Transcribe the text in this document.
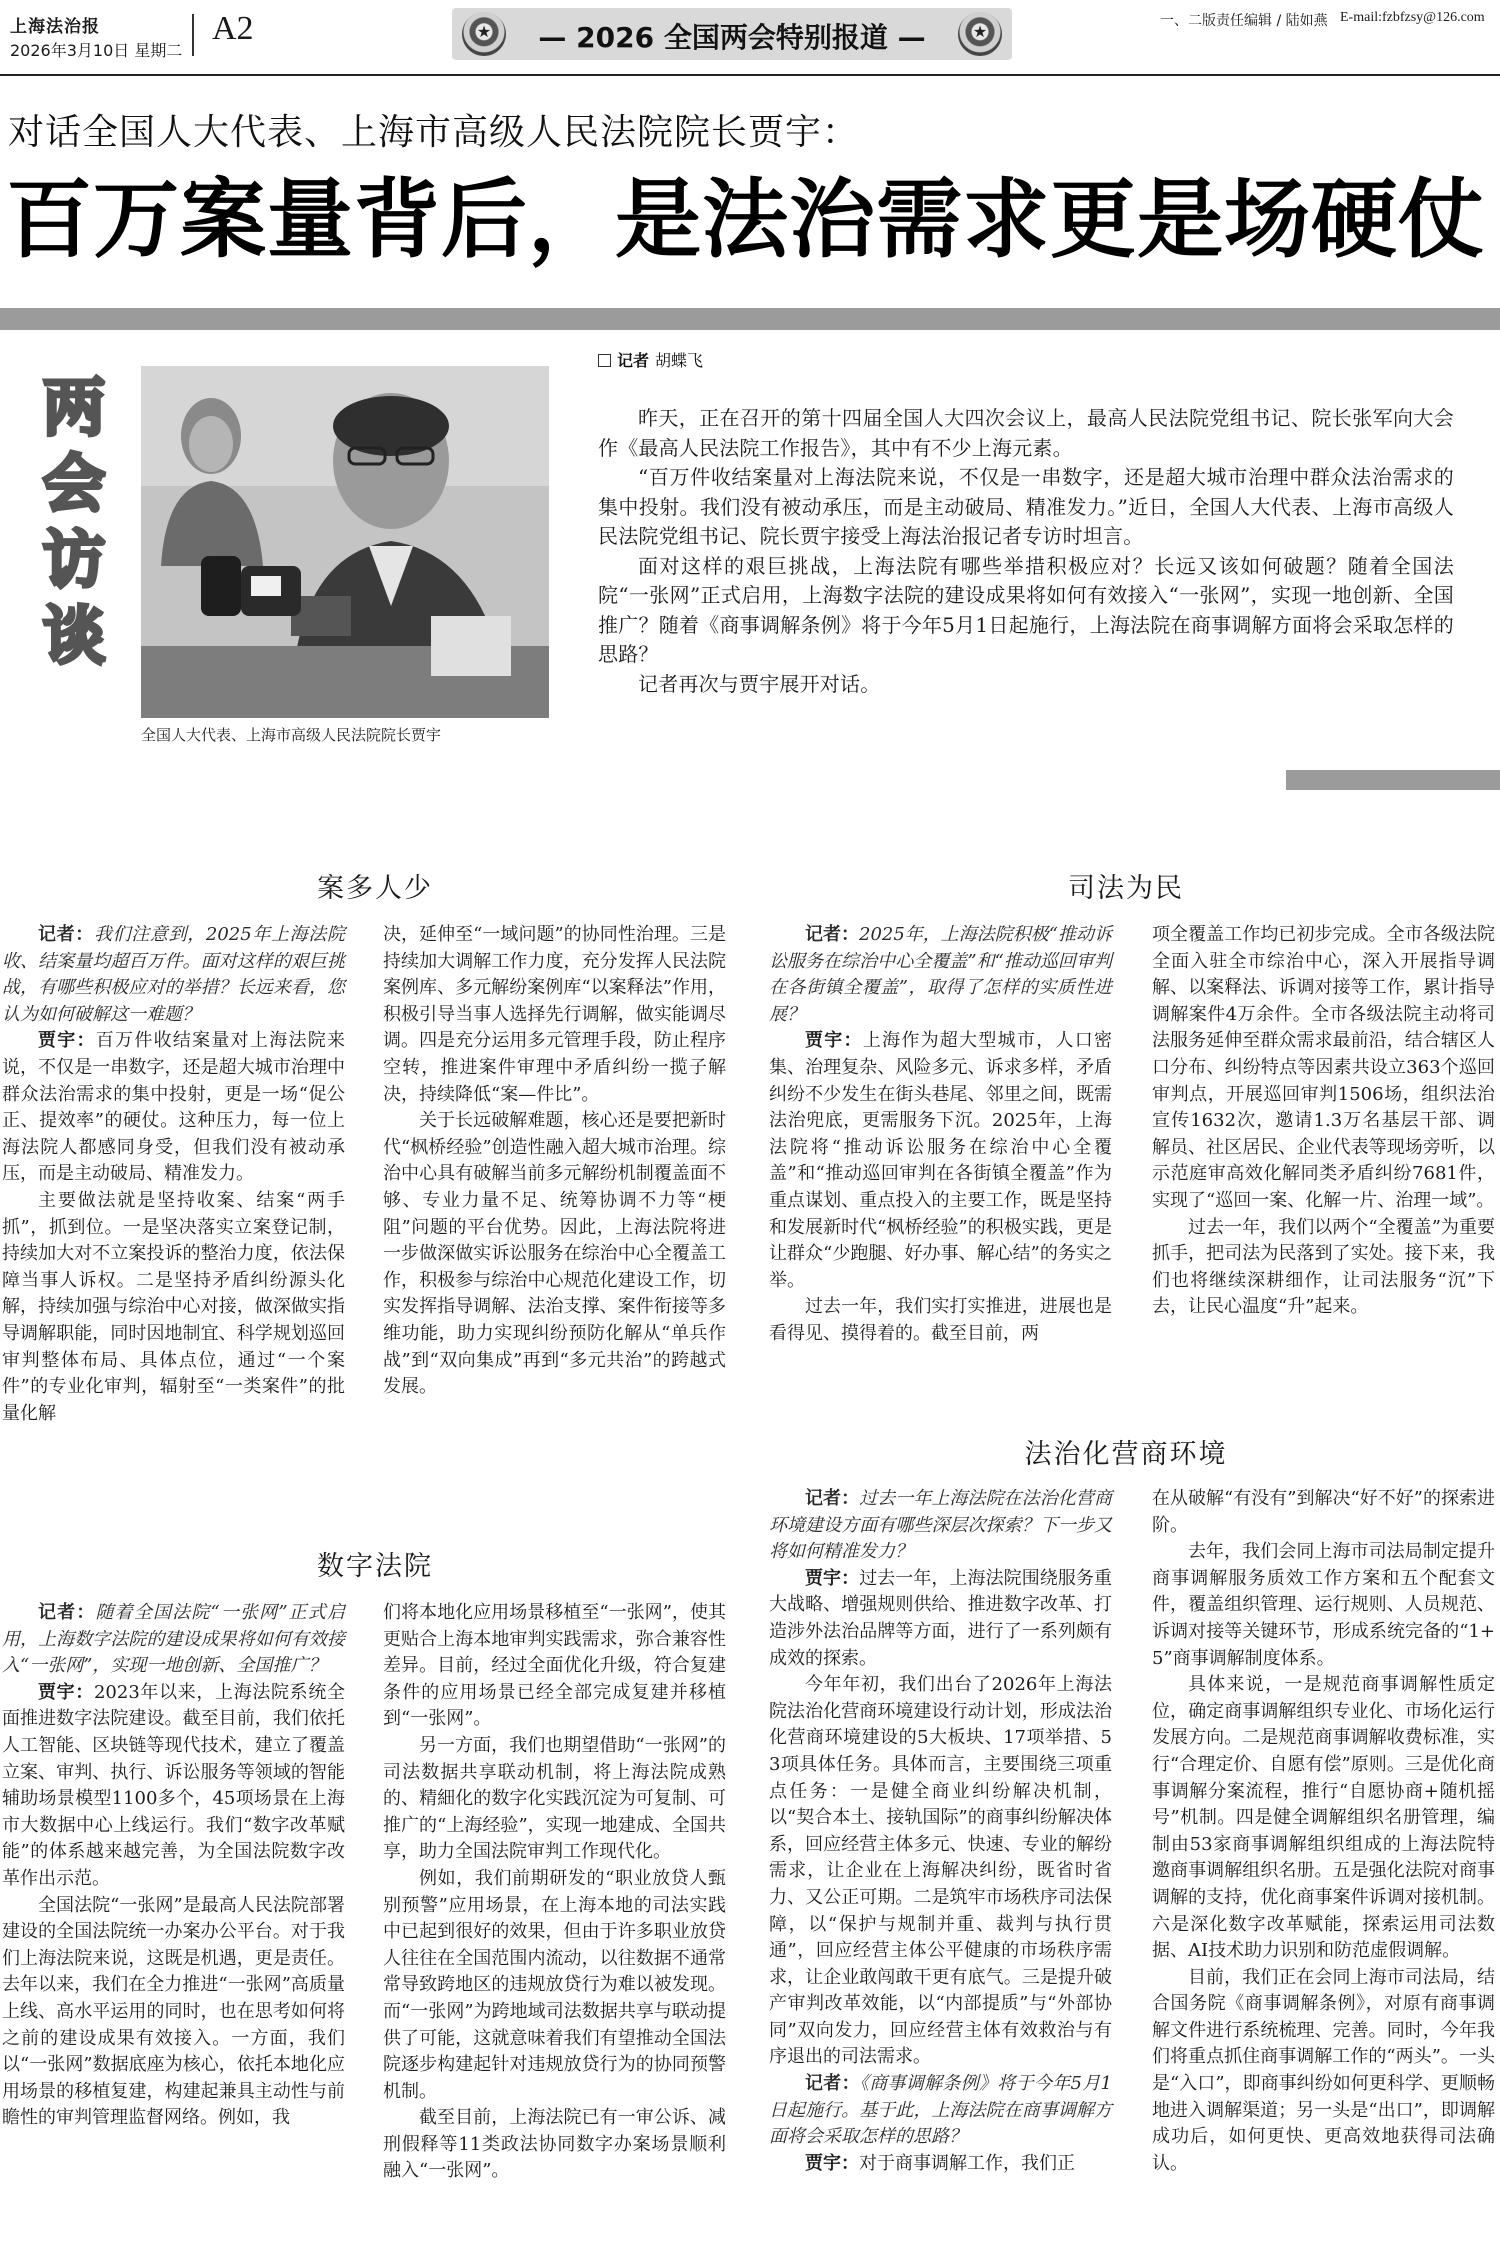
上海法治报
2026年3月10日 星期二
A2 ★	— 2026 全国两会特别报道 — ★	一、二版责任编辑 / 陆如燕 E-mail:fzbfzsy@126.com
对话全国人大代表、上海市高级人民法院院长贾宇：
百万案量背后，是法治需求更是场硬仗
两
会
访
谈
全国人大代表、上海市高级人民法院院长贾宇
记者 胡蝶飞

昨天，正在召开的第十四届全国人大四次会议上，最高人民法院党组书记、院长张军向大会作《最高人民法院工作报告》，其中有不少上海元素。

“百万件收结案量对上海法院来说，不仅是一串数字，还是超大城市治理中群众法治需求的集中投射。我们没有被动承压，而是主动破局、精准发力。”近日，全国人大代表、上海市高级人民法院党组书记、院长贾宇接受上海法治报记者专访时坦言。

面对这样的艰巨挑战，上海法院有哪些举措积极应对？长远又该如何破题？随着全国法院“一张网”正式启用，上海数字法院的建设成果将如何有效接入“一张网”，实现一地创新、全国推广？随着《商事调解条例》将于今年5月1日起施行，上海法院在商事调解方面将会采取怎样的思路？

记者再次与贾宇展开对话。

案多人少

记者：我们注意到，2025年上海法院收、结案量均超百万件。面对这样的艰巨挑战，有哪些积极应对的举措？长远来看，您认为如何破解这一难题？

贾宇：百万件收结案量对上海法院来说，不仅是一串数字，还是超大城市治理中群众法治需求的集中投射，更是一场“促公正、提效率”的硬仗。这种压力，每一位上海法院人都感同身受，但我们没有被动承压，而是主动破局、精准发力。

主要做法就是坚持收案、结案“两手抓”，抓到位。一是坚决落实立案登记制，持续加大对不立案投诉的整治力度，依法保障当事人诉权。二是坚持矛盾纠纷源头化解，持续加强与综治中心对接，做深做实指导调解职能，同时因地制宜、科学规划巡回审判整体布局、具体点位，通过“一个案件”的专业化审判，辐射至“一类案件”的批量化解

决，延伸至“一域问题”的协同性治理。三是持续加大调解工作力度，充分发挥人民法院案例库、多元解纷案例库“以案释法”作用，积极引导当事人选择先行调解，做实能调尽调。四是充分运用多元管理手段，防止程序空转，推进案件审理中矛盾纠纷一揽子解决，持续降低“案—件比”。

关于长远破解难题，核心还是要把新时代“枫桥经验”创造性融入超大城市治理。综治中心具有破解当前多元解纷机制覆盖面不够、专业力量不足、统筹协调不力等“梗阻”问题的平台优势。因此，上海法院将进一步做深做实诉讼服务在综治中心全覆盖工作，积极参与综治中心规范化建设工作，切实发挥指导调解、法治支撑、案件衔接等多维功能，助力实现纠纷预防化解从“单兵作战”到“双向集成”再到“多元共治”的跨越式发展。

数字法院

记者：随着全国法院“一张网”正式启用，上海数字法院的建设成果将如何有效接入“一张网”，实现一地创新、全国推广？

贾宇：2023年以来，上海法院系统全面推进数字法院建设。截至目前，我们依托人工智能、区块链等现代技术，建立了覆盖立案、审判、执行、诉讼服务等领域的智能辅助场景模型1100多个，45项场景在上海市大数据中心上线运行。我们“数字改革赋能”的体系越来越完善，为全国法院数字改革作出示范。

全国法院“一张网”是最高人民法院部署建设的全国法院统一办案办公平台。对于我们上海法院来说，这既是机遇，更是责任。去年以来，我们在全力推进“一张网”高质量上线、高水平运用的同时，也在思考如何将之前的建设成果有效接入。一方面，我们以“一张网”数据底座为核心，依托本地化应用场景的移植复建，构建起兼具主动性与前瞻性的审判管理监督网络。例如，我

们将本地化应用场景移植至“一张网”，使其更贴合上海本地审判实践需求，弥合兼容性差异。目前，经过全面优化升级，符合复建条件的应用场景已经全部完成复建并移植到“一张网”。

另一方面，我们也期望借助“一张网”的司法数据共享联动机制，将上海法院成熟的、精細化的数字化实践沉淀为可复制、可推广的“上海经验”，实现一地建成、全国共享，助力全国法院审判工作现代化。

例如，我们前期研发的“职业放贷人甄别预警”应用场景，在上海本地的司法实践中已起到很好的效果，但由于许多职业放贷人往往在全国范围内流动，以往数据不通常常导致跨地区的违规放贷行为难以被发现。而“一张网”为跨地域司法数据共享与联动提供了可能，这就意味着我们有望推动全国法院逐步构建起针对违规放贷行为的协同预警机制。

截至目前，上海法院已有一审公诉、减刑假释等11类政法协同数字办案场景顺利融入“一张网”。

司法为民

记者：2025年，上海法院积极“推动诉讼服务在综治中心全覆盖”和“推动巡回审判在各街镇全覆盖”，取得了怎样的实质性进展？

贾宇：上海作为超大型城市，人口密集、治理复杂、风险多元、诉求多样，矛盾纠纷不少发生在街头巷尾、邻里之间，既需法治兜底，更需服务下沉。2025年，上海法院将“推动诉讼服务在综治中心全覆盖”和“推动巡回审判在各街镇全覆盖”作为重点谋划、重点投入的主要工作，既是坚持和发展新时代“枫桥经验”的积极实践，更是让群众“少跑腿、好办事、解心结”的务实之举。

过去一年，我们实打实推进，进展也是看得见、摸得着的。截至目前，两

项全覆盖工作均已初步完成。全市各级法院全面入驻全市综治中心，深入开展指导调解、以案释法、诉调对接等工作，累计指导调解案件4万余件。全市各级法院主动将司法服务延伸至群众需求最前沿，结合辖区人口分布、纠纷特点等因素共设立363个巡回审判点，开展巡回审判1506场，组织法治宣传1632次，邀请1.3万名基层干部、调解员、社区居民、企业代表等现场旁听，以示范庭审高效化解同类矛盾纠纷7681件，实现了“巡回一案、化解一片、治理一域”。

过去一年，我们以两个“全覆盖”为重要抓手，把司法为民落到了实处。接下来，我们也将继续深耕细作，让司法服务“沉”下去，让民心温度“升”起来。

法治化营商环境

记者：过去一年上海法院在法治化营商环境建设方面有哪些深层次探索？下一步又将如何精准发力？

贾宇：过去一年，上海法院围绕服务重大战略、增强规则供给、推进数字改革、打造涉外法治品牌等方面，进行了一系列颇有成效的探索。

今年年初，我们出台了2026年上海法院法治化营商环境建设行动计划，形成法治化营商环境建设的5大板块、17项举措、53项具体任务。具体而言，主要围绕三项重点任务：一是健全商业纠纷解决机制，以“契合本土、接轨国际”的商事纠纷解决体系，回应经营主体多元、快速、专业的解纷需求，让企业在上海解决纠纷，既省时省力、又公正可期。二是筑牢市场秩序司法保障，以“保护与规制并重、裁判与执行贯通”，回应经营主体公平健康的市场秩序需求，让企业敢闯敢干更有底气。三是提升破产审判改革效能，以“内部提质”与“外部协同”双向发力，回应经营主体有效救治与有序退出的司法需求。

记者：《商事调解条例》将于今年5月1日起施行。基于此，上海法院在商事调解方面将会采取怎样的思路？

贾宇：对于商事调解工作，我们正

在从破解“有没有”到解决“好不好”的探索进阶。

去年，我们会同上海市司法局制定提升商事调解服务质效工作方案和五个配套文件，覆盖组织管理、运行规则、人员规范、诉调对接等关键环节，形成系统完备的“1+5”商事调解制度体系。

具体来说，一是规范商事调解性质定位，确定商事调解组织专业化、市场化运行发展方向。二是规范商事调解收费标准，实行“合理定价、自愿有偿”原则。三是优化商事调解分案流程，推行“自愿协商+随机摇号”机制。四是健全调解组织名册管理，编制由53家商事调解组织组成的上海法院特邀商事调解组织名册。五是强化法院对商事调解的支持，优化商事案件诉调对接机制。六是深化数字改革赋能，探索运用司法数据、AI技术助力识别和防范虚假调解。

目前，我们正在会同上海市司法局，结合国务院《商事调解条例》，对原有商事调解文件进行系统梳理、完善。同时，今年我们将重点抓住商事调解工作的“两头”。一头是“入口”，即商事纠纷如何更科学、更顺畅地进入调解渠道；另一头是“出口”，即调解成功后，如何更快、更高效地获得司法确认。
